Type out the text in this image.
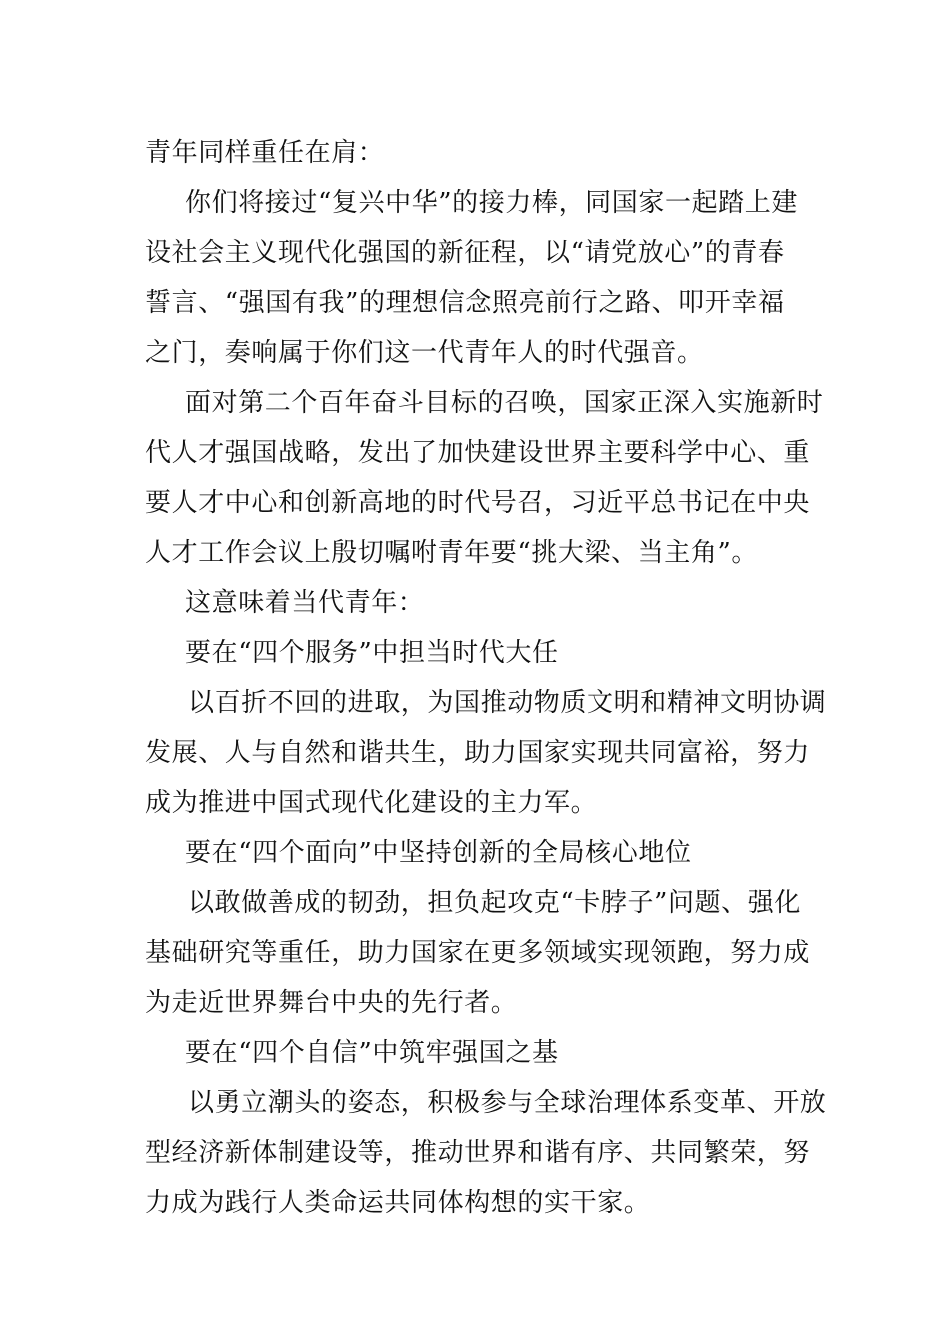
青年同样重任在肩：
你们将接过“复兴中华”的接力棒，同国家一起踏上建
设社会主义现代化强国的新征程，以“请党放心”的青春
誓言、“强国有我”的理想信念照亮前行之路、叩开幸福
之门，奏响属于你们这一代青年人的时代强音。
面对第二个百年奋斗目标的召唤，国家正深入实施新时
代人才强国战略，发出了加快建设世界主要科学中心、重
要人才中心和创新高地的时代号召，习近平总书记在中央
人才工作会议上殷切嘱咐青年要“挑大梁、当主角”。
这意味着当代青年：
要在“四个服务”中担当时代大任
以百折不回的进取，为国推动物质文明和精神文明协调
发展、人与自然和谐共生，助力国家实现共同富裕，努力
成为推进中国式现代化建设的主力军。
要在“四个面向”中坚持创新的全局核心地位
以敢做善成的韧劲，担负起攻克“卡脖子”问题、强化
基础研究等重任，助力国家在更多领域实现领跑，努力成
为走近世界舞台中央的先行者。
要在“四个自信”中筑牢强国之基
以勇立潮头的姿态，积极参与全球治理体系变革、开放
型经济新体制建设等，推动世界和谐有序、共同繁荣，努
力成为践行人类命运共同体构想的实干家。
